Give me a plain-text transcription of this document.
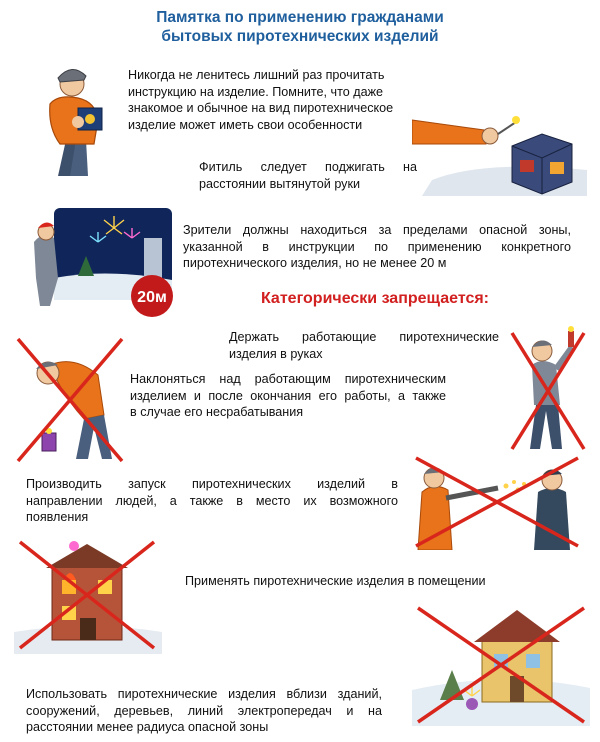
Памятка по применению гражданами
бытовых пиротехнических изделий
Никогда не ленитесь лишний раз прочитать
инструкцию на изделие. Помните, что даже
знакомое и обычное на вид пиротехническое
изделие может иметь свои особенности
Фитиль следует поджигать на
расстоянии вытянутой руки
20м
Зрители должны находиться за пределами опасной зоны,
указанной в инструкции по применению конкретного
пиротехнического изделия, но не менее 20 м
Категорически запрещается:
Держать работающие пиротехнические
изделия в руках
Наклоняться над работающим пиротехническим
изделием и после окончания его работы, а также
в случае его несрабатывания
Производить запуск пиротехнических изделий в
направлении людей, а также в место их возможного
появления
Применять пиротехнические изделия в помещении
Использовать пиротехнические изделия вблизи зданий,
сооружений, деревьев, линий электропередач и на
расстоянии менее радиуса опасной зоны
